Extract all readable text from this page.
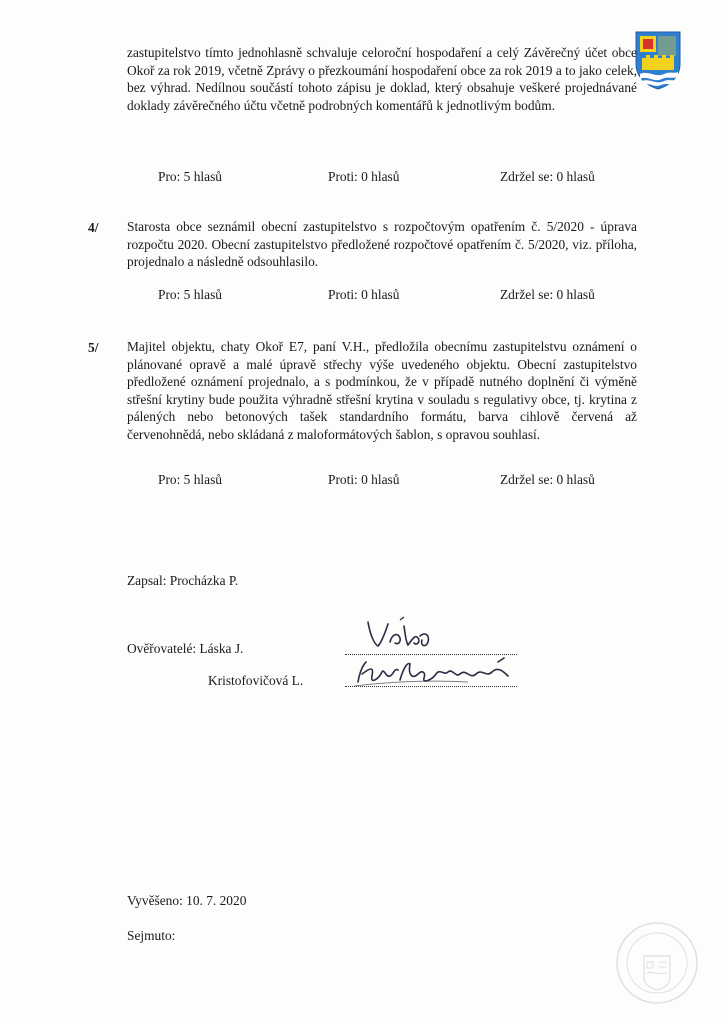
zastupitelstvo tímto jednohlasně schvaluje celoroční hospodaření a celý Závěrečný účet obce Okoř za rok 2019, včetně Zprávy o přezkoumání hospodaření obce za rok 2019 a to jako celek, bez výhrad. Nedílnou součástí tohoto zápisu je doklad, který obsahuje veškeré projednávané doklady závěrečného účtu včetně podrobných komentářů k jednotlivým bodům.

Pro: 5 hlasů	Proti: 0 hlasů	Zdržel se: 0 hlasů
4/ Starosta obce seznámil obecní zastupitelstvo s rozpočtovým opatřením č. 5/2020 - úprava rozpočtu 2020. Obecní zastupitelstvo předložené rozpočtové opatřením č. 5/2020, viz. příloha, projednalo a následně odsouhlasilo.

Pro: 5 hlasů	Proti: 0 hlasů	Zdržel se: 0 hlasů
5/ Majitel objektu, chaty Okoř E7, paní V.H., předložila obecnímu zastupitelstvu oznámení o plánované opravě a malé úpravě střechy výše uvedeného objektu. Obecní zastupitelstvo předložené oznámení projednalo, a s podmínkou, že v případě nutného doplnění či výměně střešní krytiny bude použita výhradně střešní krytina v souladu s regulativy obce, tj. krytina z pálených nebo betonových tašek standardního formátu, barva cihlově červená až červenohnědá, nebo skládaná z maloformátových šablon, s opravou souhlasí.

Pro: 5 hlasů	Proti: 0 hlasů	Zdržel se: 0 hlasů
Zapsal: Procházka P.
Ověřovatelé: Láska J.
Kristofovičová L.
Vyvěšeno: 10. 7. 2020
Sejmuto:
